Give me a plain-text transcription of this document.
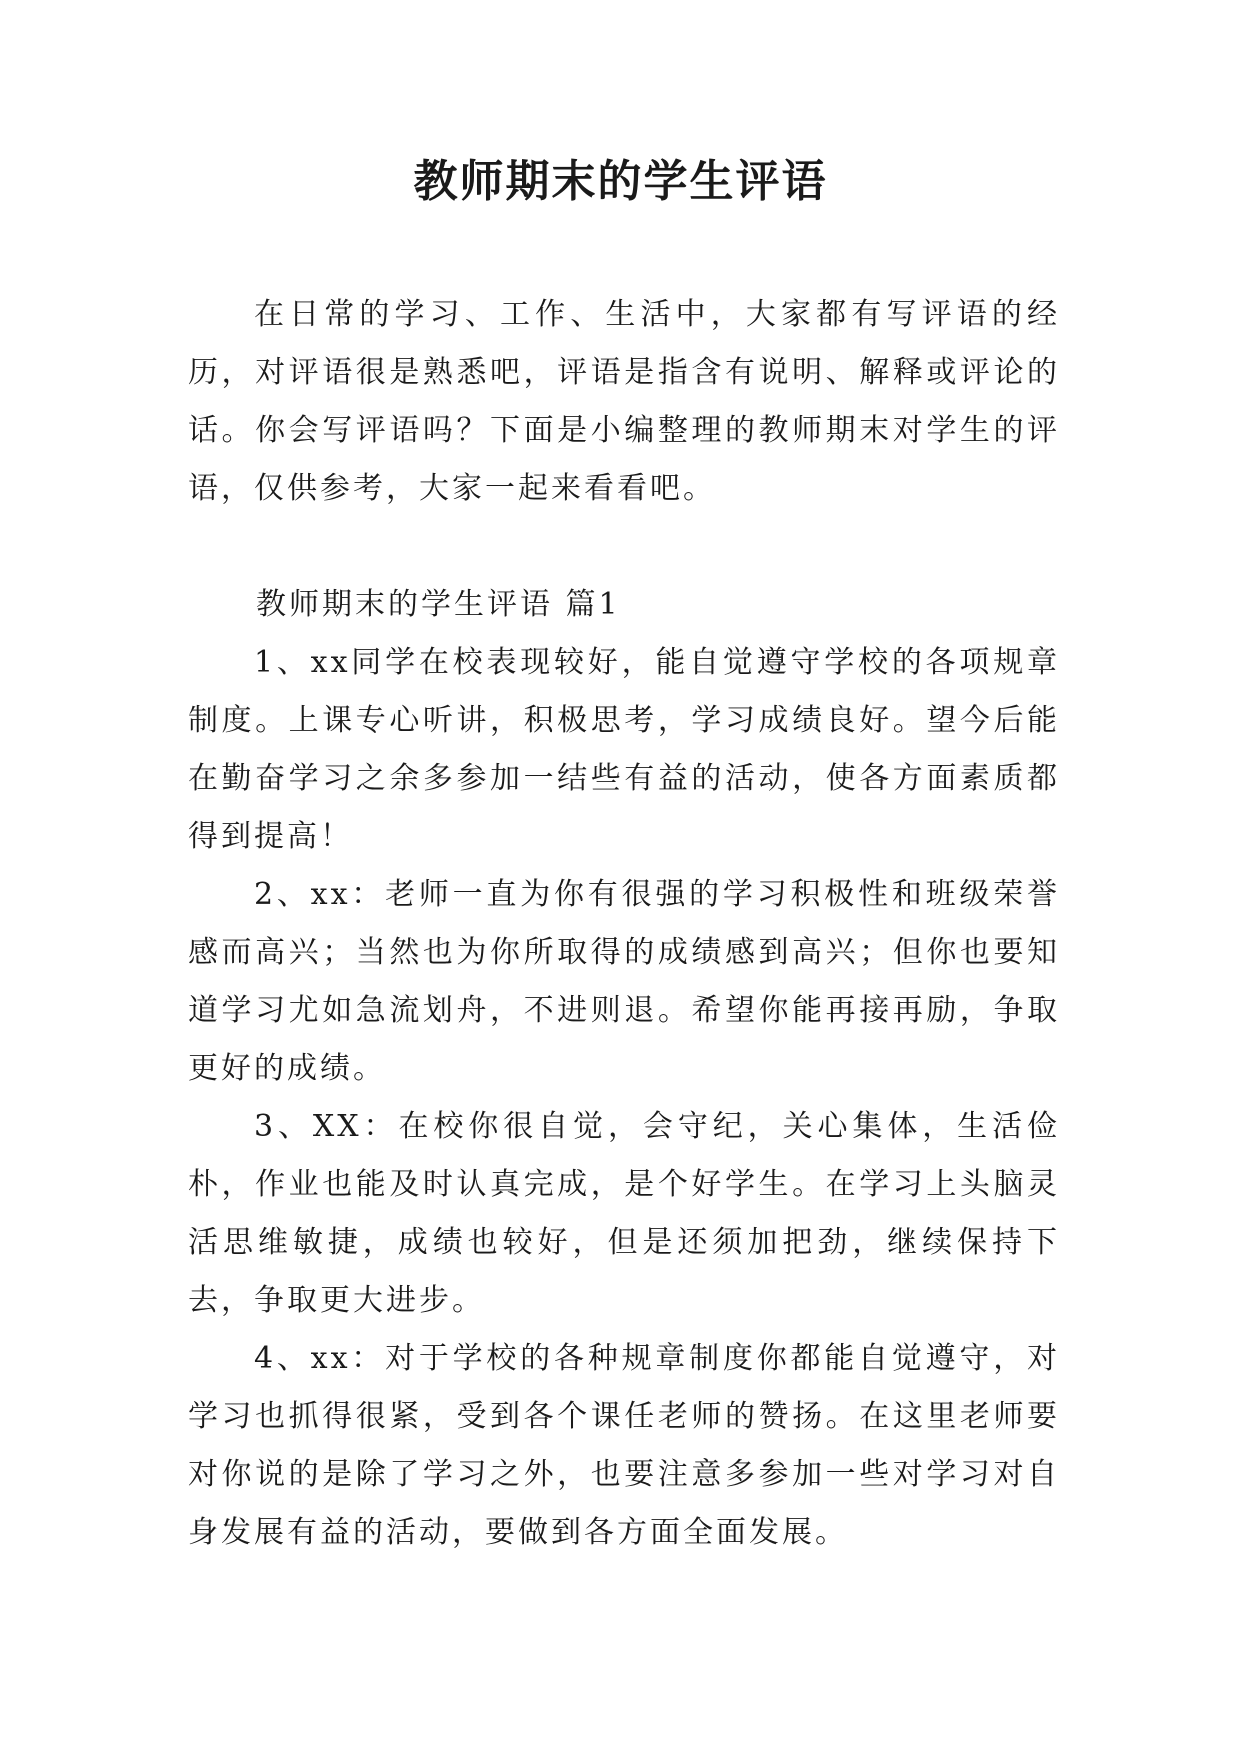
教师期末的学生评语

在日常的学习、工作、生活中，大家都有写评语的经历，对评语很是熟悉吧，评语是指含有说明、解释或评论的话。你会写评语吗？下面是小编整理的教师期末对学生的评语，仅供参考，大家一起来看看吧。

教师期末的学生评语 篇1

1、xx同学在校表现较好，能自觉遵守学校的各项规章制度。上课专心听讲，积极思考，学习成绩良好。望今后能在勤奋学习之余多参加一结些有益的活动，使各方面素质都得到提高！

2、xx：老师一直为你有很强的学习积极性和班级荣誉感而高兴；当然也为你所取得的成绩感到高兴；但你也要知道学习尤如急流划舟，不进则退。希望你能再接再励，争取更好的成绩。

3、XX：在校你很自觉，会守纪，关心集体，生活俭朴，作业也能及时认真完成，是个好学生。在学习上头脑灵活思维敏捷，成绩也较好，但是还须加把劲，继续保持下去，争取更大进步。

4、xx：对于学校的各种规章制度你都能自觉遵守，对学习也抓得很紧，受到各个课任老师的赞扬。在这里老师要对你说的是除了学习之外，也要注意多参加一些对学习对自身发展有益的活动，要做到各方面全面发展。
